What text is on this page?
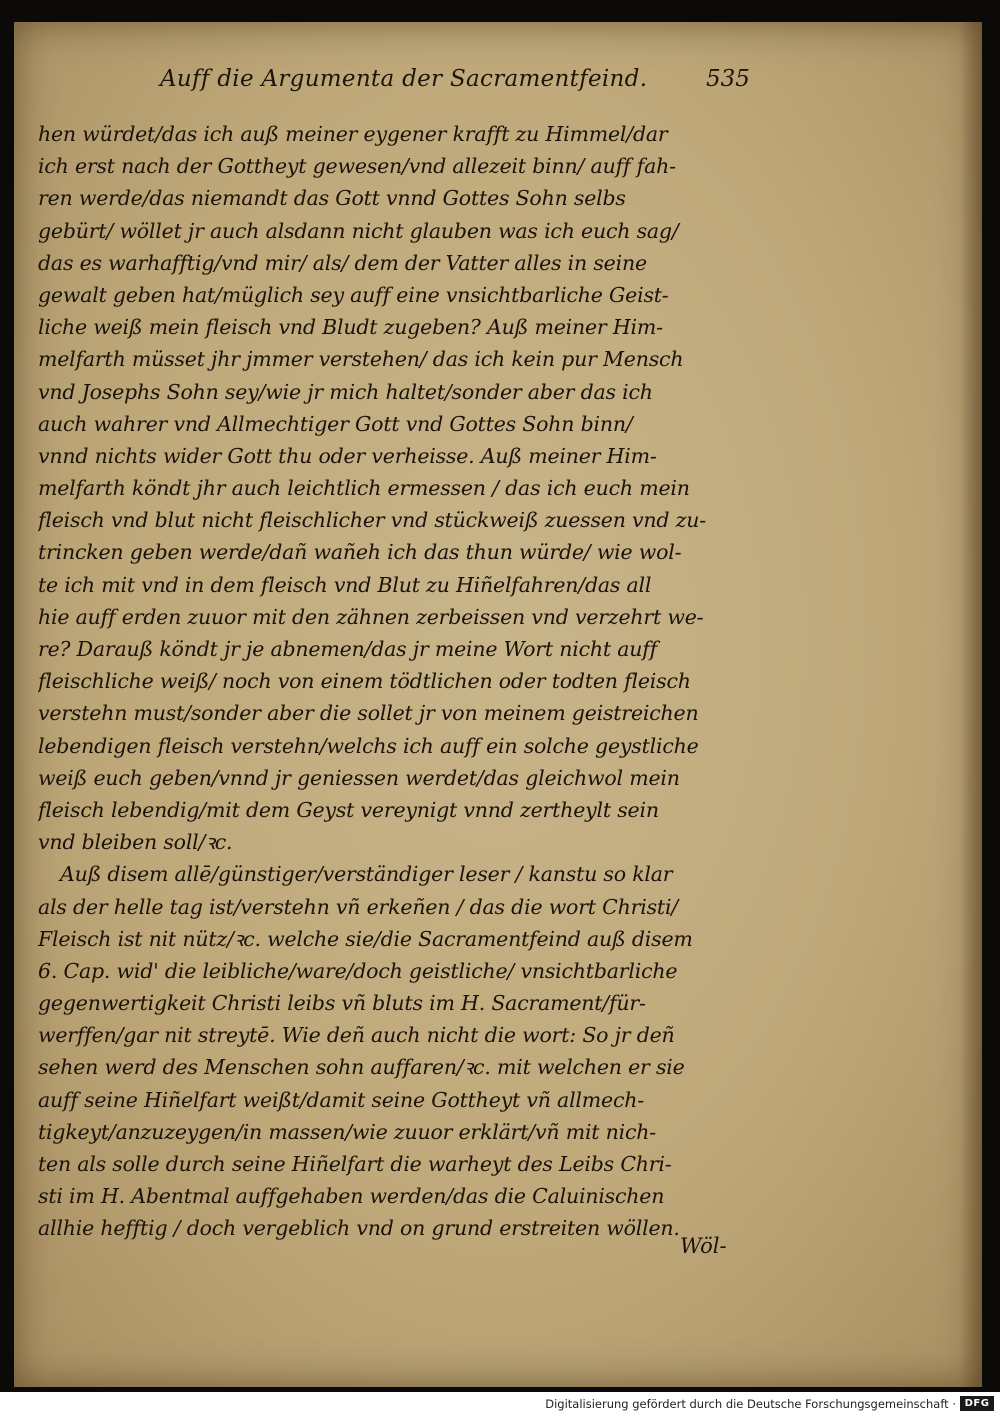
Auff die Argumenta der Sacramentfeind.	535
hen würdet/das ich auß meiner eygener krafft zu Himmel/dar
ich erst nach der Gottheyt gewesen/vnd allezeit binn/ auff fah-
ren werde/das niemandt das Gott vnnd Gottes Sohn selbs
gebürt/ wöllet jr auch alsdann nicht glauben was ich euch sag/
das es warhafftig/vnd mir/ als/ dem der Vatter alles in seine
gewalt geben hat/müglich sey auff eine vnsichtbarliche Geist-
liche weiß mein fleisch vnd Bludt zugeben? Auß meiner Him-
melfarth müsset jhr jmmer verstehen/ das ich kein pur Mensch
vnd Josephs Sohn sey/wie jr mich haltet/sonder aber das ich
auch wahrer vnd Allmechtiger Gott vnd Gottes Sohn binn/
vnnd nichts wider Gott thu oder verheisse. Auß meiner Him-
melfarth köndt jhr auch leichtlich ermessen / das ich euch mein
fleisch vnd blut nicht fleischlicher vnd stückweiß zuessen vnd zu-
trincken geben werde/dañ wañeh ich das thun würde/ wie wol-
te ich mit vnd in dem fleisch vnd Blut zu Hiñelfahren/das all
hie auff erden zuuor mit den zähnen zerbeissen vnd verzehrt we-
re? Darauß köndt jr je abnemen/das jr meine Wort nicht auff
fleischliche weiß/ noch von einem tödtlichen oder todten fleisch
verstehn must/sonder aber die sollet jr von meinem geistreichen
lebendigen fleisch verstehn/welchs ich auff ein solche geystliche
weiß euch geben/vnnd jr geniessen werdet/das gleichwol mein
fleisch lebendig/mit dem Geyst vereynigt vnnd zertheylt sein
vnd bleiben soll/ꝛc.
Auß disem allē/günstiger/verständiger leser / kanstu so klar
als der helle tag ist/verstehn vñ erkeñen / das die wort Christi/
Fleisch ist nit nütz/ꝛc. welche sie/die Sacramentfeind auß disem
6. Cap. wid' die leibliche/ware/doch geistliche/ vnsichtbarliche
gegenwertigkeit Christi leibs vñ bluts im H. Sacrament/für-
werffen/gar nit streytē. Wie deñ auch nicht die wort: So jr deñ
sehen werd des Menschen sohn auffaren/ꝛc. mit welchen er sie
auff seine Hiñelfart weißt/damit seine Gottheyt vñ allmech-
tigkeyt/anzuzeygen/in massen/wie zuuor erklärt/vñ mit nich-
ten als solle durch seine Hiñelfart die warheyt des Leibs Chri-
sti im H. Abentmal auffgehaben werden/das die Caluinischen
allhie hefftig / doch vergeblich vnd on grund erstreiten wöllen.
Wöl-
Digitalisierung gefördert durch die Deutsche Forschungsgemeinschaft · DFG
